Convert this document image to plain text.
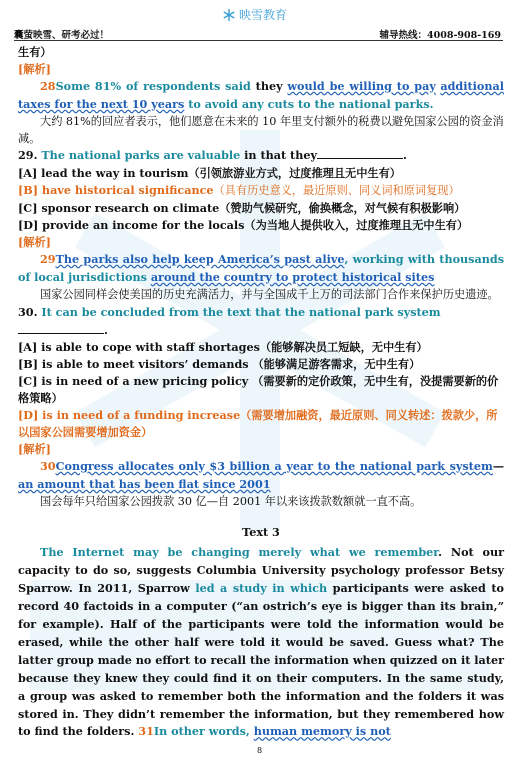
映雪教育
囊萤映雪、研考必过！	辅导热线：4008-908-169

生有）

[解析]

28Some 81% of respondents said they would be willing to pay additional taxes for the next 10 years to avoid any cuts to the national parks.

大约 81%的回应者表示，他们愿意在未来的 10 年里支付额外的税费以避免国家公园的资金消减。

29. The national parks are valuable in that they	.

[A] lead the way in tourism（引领旅游业方式，过度推理且无中生有）

[B] have historical significance（具有历史意义，最近原则、同义词和原词复现）

[C] sponsor research on climate（赞助气候研究，偷换概念，对气候有积极影响）

[D] provide an income for the locals（为当地人提供收入，过度推理且无中生有）

[解析]

29The parks also help keep America’s past alive, working with thousands of local jurisdictions around the country to protect historical sites

国家公园同样会使美国的历史充满活力，并与全国成千上万的司法部门合作来保护历史遗迹。

30. It can be concluded from the text that the national park system.

[A] is able to cope with staff shortages（能够解决员工短缺，无中生有）

[B] is able to meet visitors’ demands （能够满足游客需求，无中生有）

[C] is in need of a new pricing policy （需要新的定价政策，无中生有，没提需要新的价格策略）

[D] is in need of a funding increase（需要增加融资，最近原则、同义转述：拨款少，所以国家公园需要增加资金）

[解析]

30Congress allocates only $3 billion a year to the national park system—an amount that has been flat since 2001

国会每年只给国家公园拨款 30 亿—自 2001 年以来该拨款数额就一直不高。

Text 3

The Internet may be changing merely what we remember. Not our capacity to do so, suggests Columbia University psychology professor Betsy Sparrow. In 2011, Sparrow led a study in which participants were asked to record 40 factoids in a computer (“an ostrich’s eye is bigger than its brain,” for example). Half of the participants were told the information would be erased, while the other half were told it would be saved. Guess what? The latter group made no effort to recall the information when quizzed on it later because they knew they could find it on their computers. In the same study, a group was asked to remember both the information and the folders it was stored in. They didn’t remember the information, but they remembered how to find the folders. 31In other words, human memory is not

8
